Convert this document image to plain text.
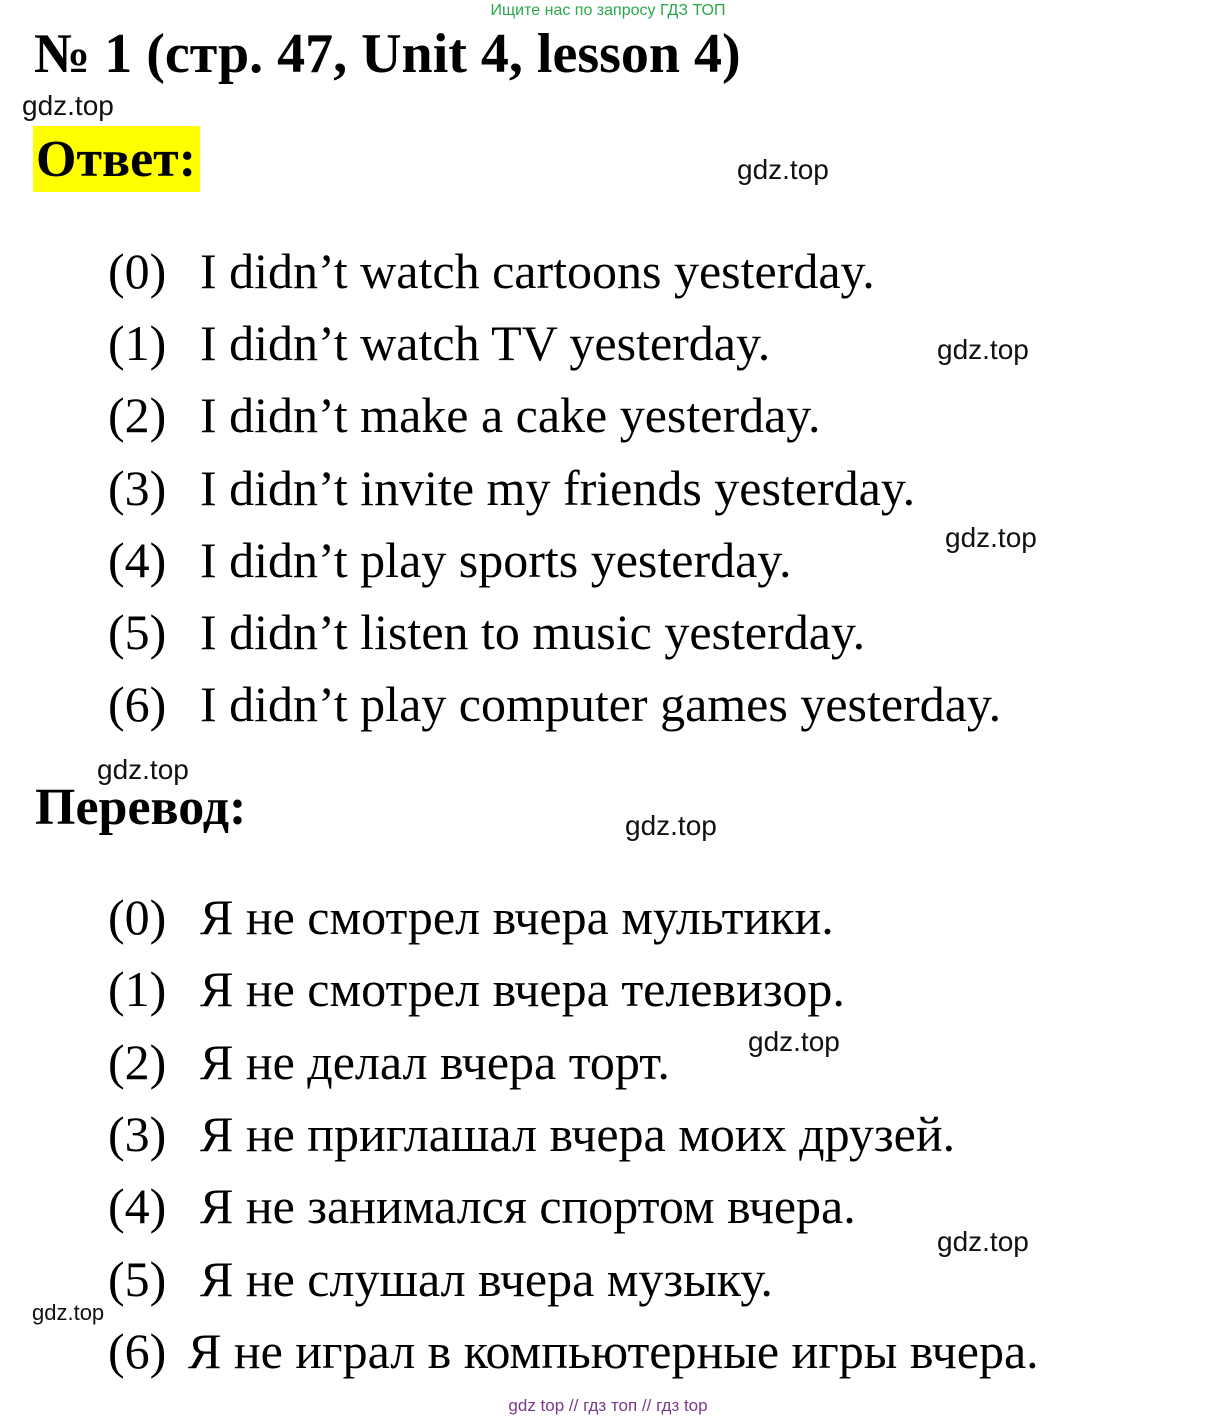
Ищите нас по запросу ГДЗ ТОП
№ 1 (стр. 47, Unit 4, lesson 4)
Ответ:
(0) I didn’t watch cartoons yesterday.
(1) I didn’t watch TV yesterday.
(2) I didn’t make a cake yesterday.
(3) I didn’t invite my friends yesterday.
(4) I didn’t play sports yesterday.
(5) I didn’t listen to music yesterday.
(6) I didn’t play computer games yesterday.
Перевод:
(0) Я не смотрел вчера мультики.
(1) Я не смотрел вчера телевизор.
(2) Я не делал вчера торт.
(3) Я не приглашал вчера моих друзей.
(4) Я не занимался спортом вчера.
(5) Я не слушал вчера музыку.
(6) Я не играл в компьютерные игры вчера.
gdz.top
gdz.top
gdz.top
gdz.top
gdz.top
gdz.top
gdz.top
gdz.top
gdz.top
gdz top // гдз топ // гдз top
